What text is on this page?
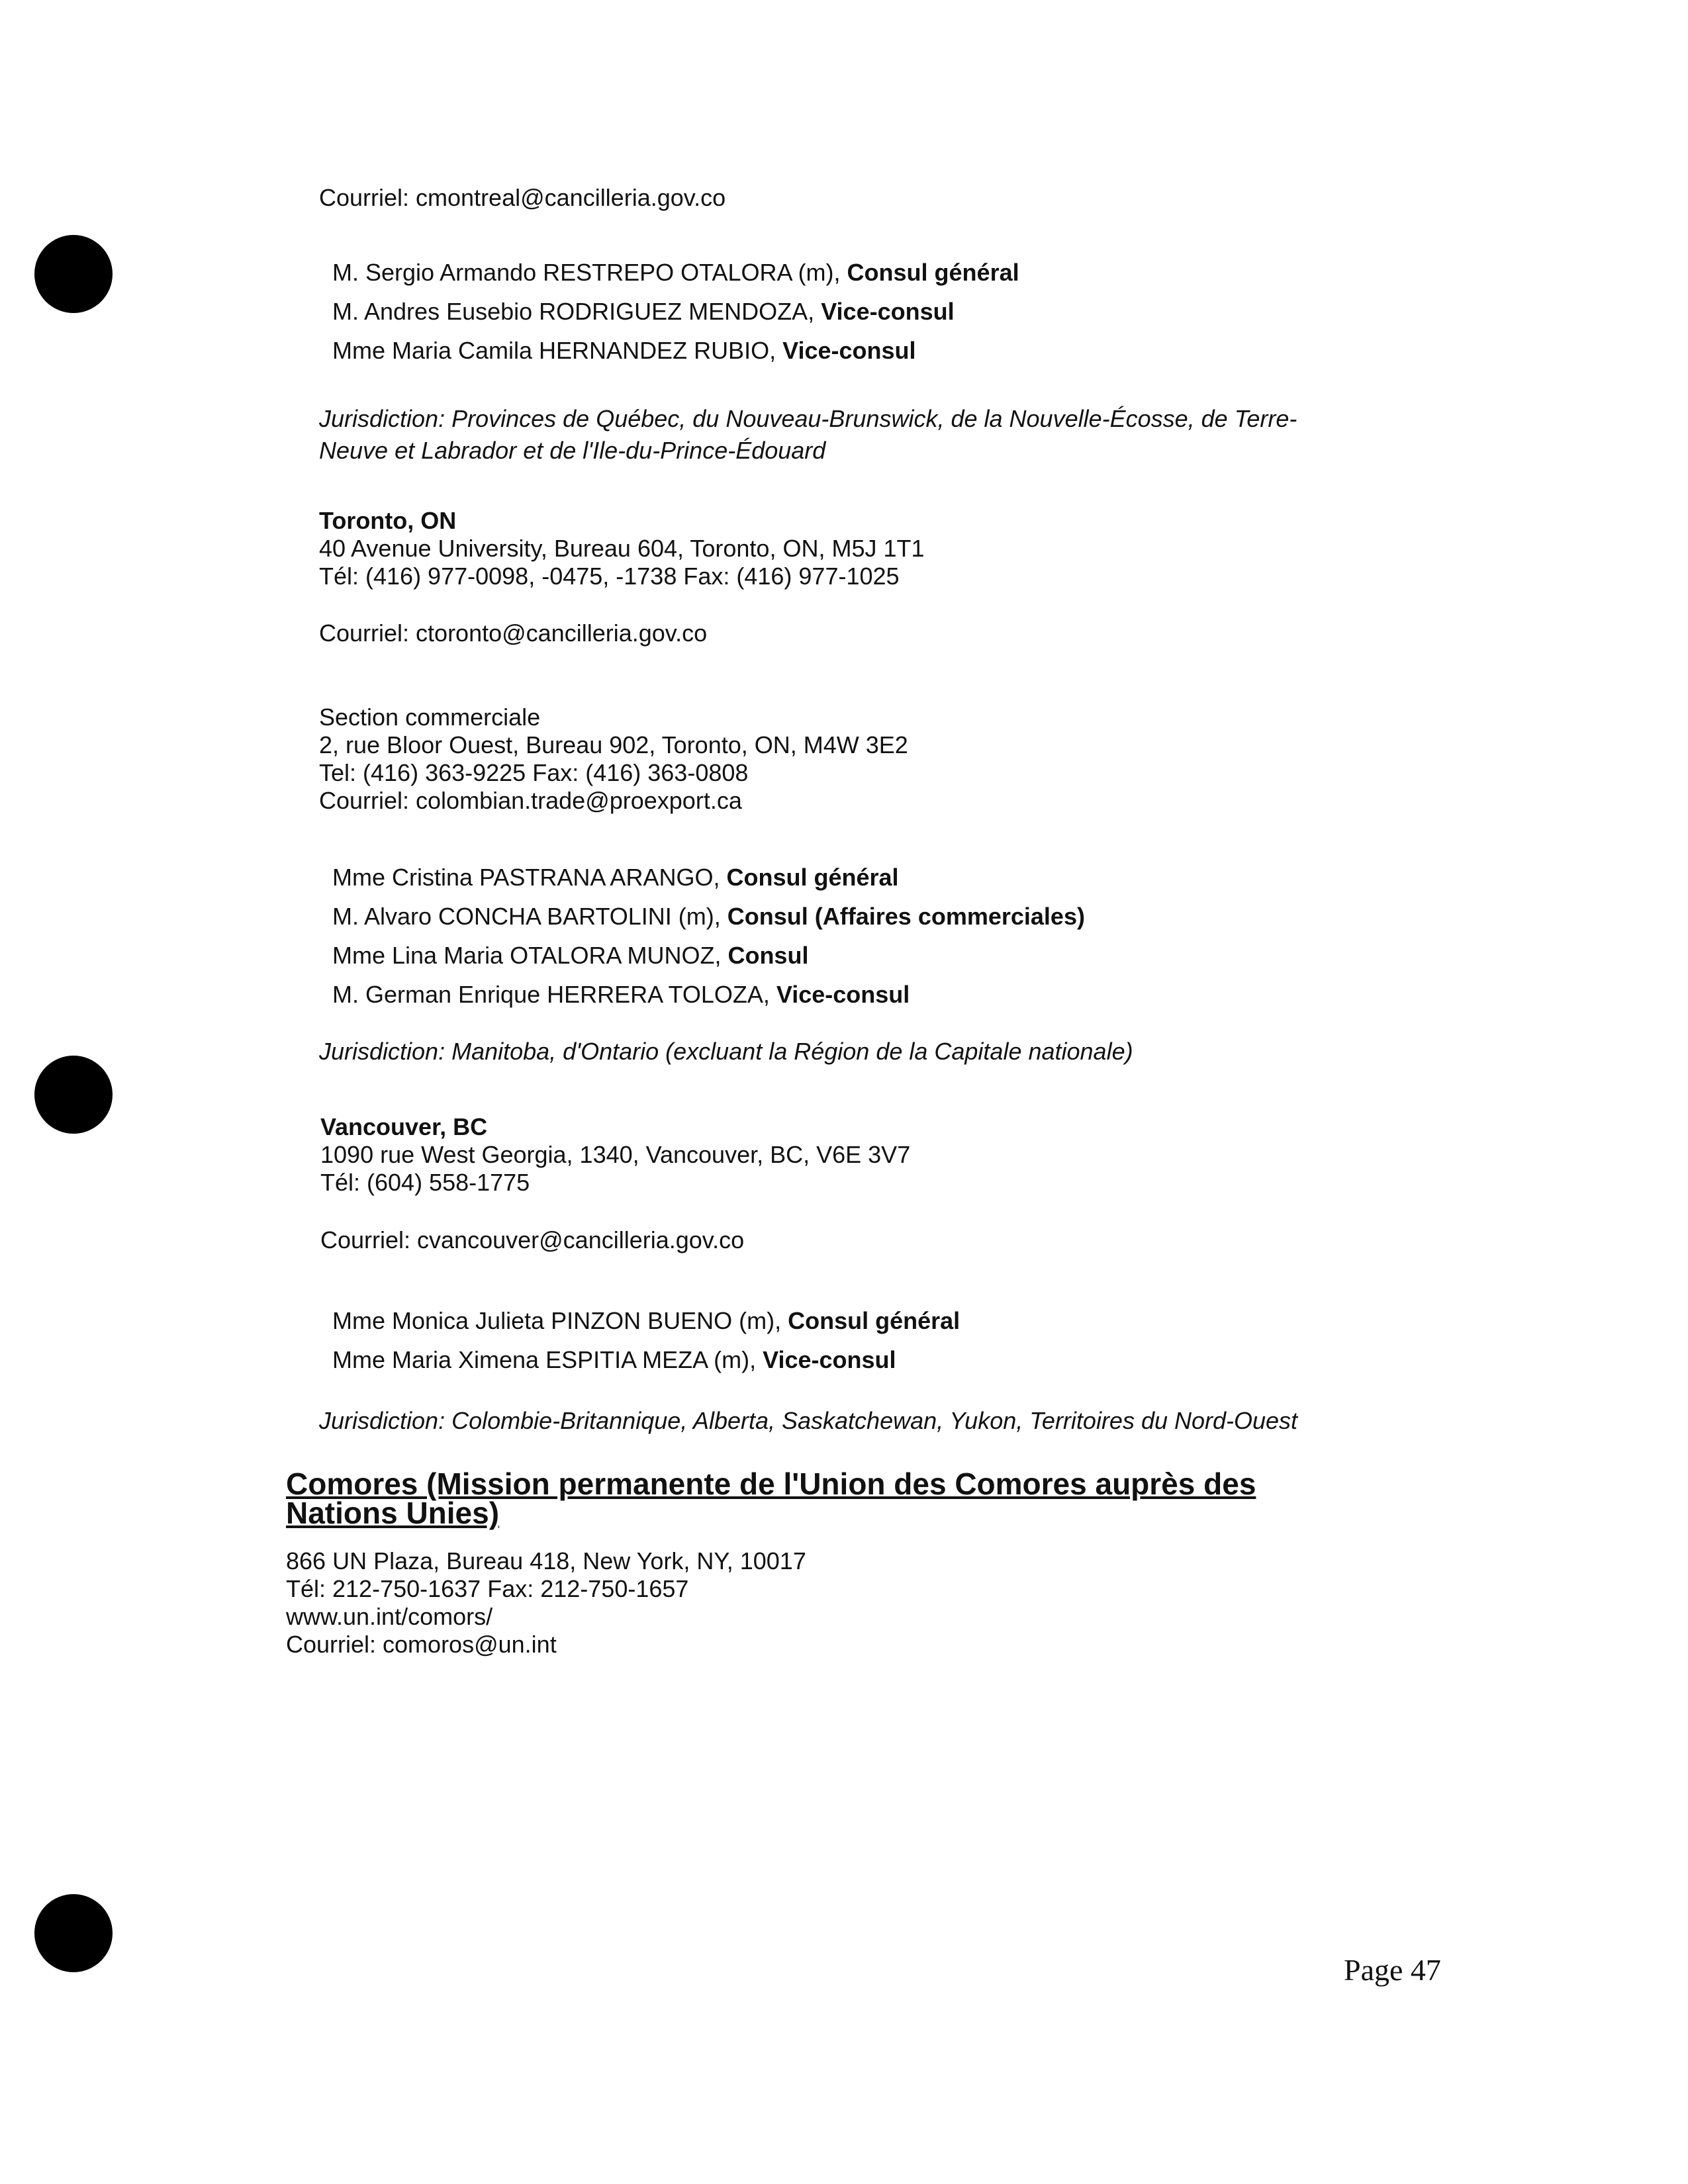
Courriel: cmontreal@cancilleria.gov.co
M. Sergio Armando RESTREPO OTALORA (m), Consul général
M. Andres Eusebio RODRIGUEZ MENDOZA, Vice-consul
Mme Maria Camila HERNANDEZ RUBIO, Vice-consul
Jurisdiction: Provinces de Québec, du Nouveau-Brunswick, de la Nouvelle-Écosse, de Terre-
Neuve et Labrador et de l'Ile-du-Prince-Édouard
Toronto, ON
40 Avenue University, Bureau 604, Toronto, ON, M5J 1T1
Tél: (416) 977-0098, -0475, -1738 Fax: (416) 977-1025
Courriel: ctoronto@cancilleria.gov.co
Section commerciale
2, rue Bloor Ouest, Bureau 902, Toronto, ON, M4W 3E2
Tel: (416) 363-9225 Fax: (416) 363-0808
Courriel: colombian.trade@proexport.ca
Mme Cristina PASTRANA ARANGO, Consul général
M. Alvaro CONCHA BARTOLINI (m), Consul (Affaires commerciales)
Mme Lina Maria OTALORA MUNOZ, Consul
M. German Enrique HERRERA TOLOZA, Vice-consul
Jurisdiction: Manitoba, d'Ontario (excluant la Région de la Capitale nationale)
Vancouver, BC
1090 rue West Georgia, 1340, Vancouver, BC, V6E 3V7
Tél: (604) 558-1775
Courriel: cvancouver@cancilleria.gov.co
Mme Monica Julieta PINZON BUENO (m), Consul général
Mme Maria Ximena ESPITIA MEZA (m), Vice-consul
Jurisdiction: Colombie-Britannique, Alberta, Saskatchewan, Yukon, Territoires du Nord-Ouest
Comores (Mission permanente de l'Union des Comores auprès des Nations Unies)
866 UN Plaza, Bureau 418, New York, NY, 10017
Tél: 212-750-1637 Fax: 212-750-1657
www.un.int/comors/
Courriel: comoros@un.int
Page 47
